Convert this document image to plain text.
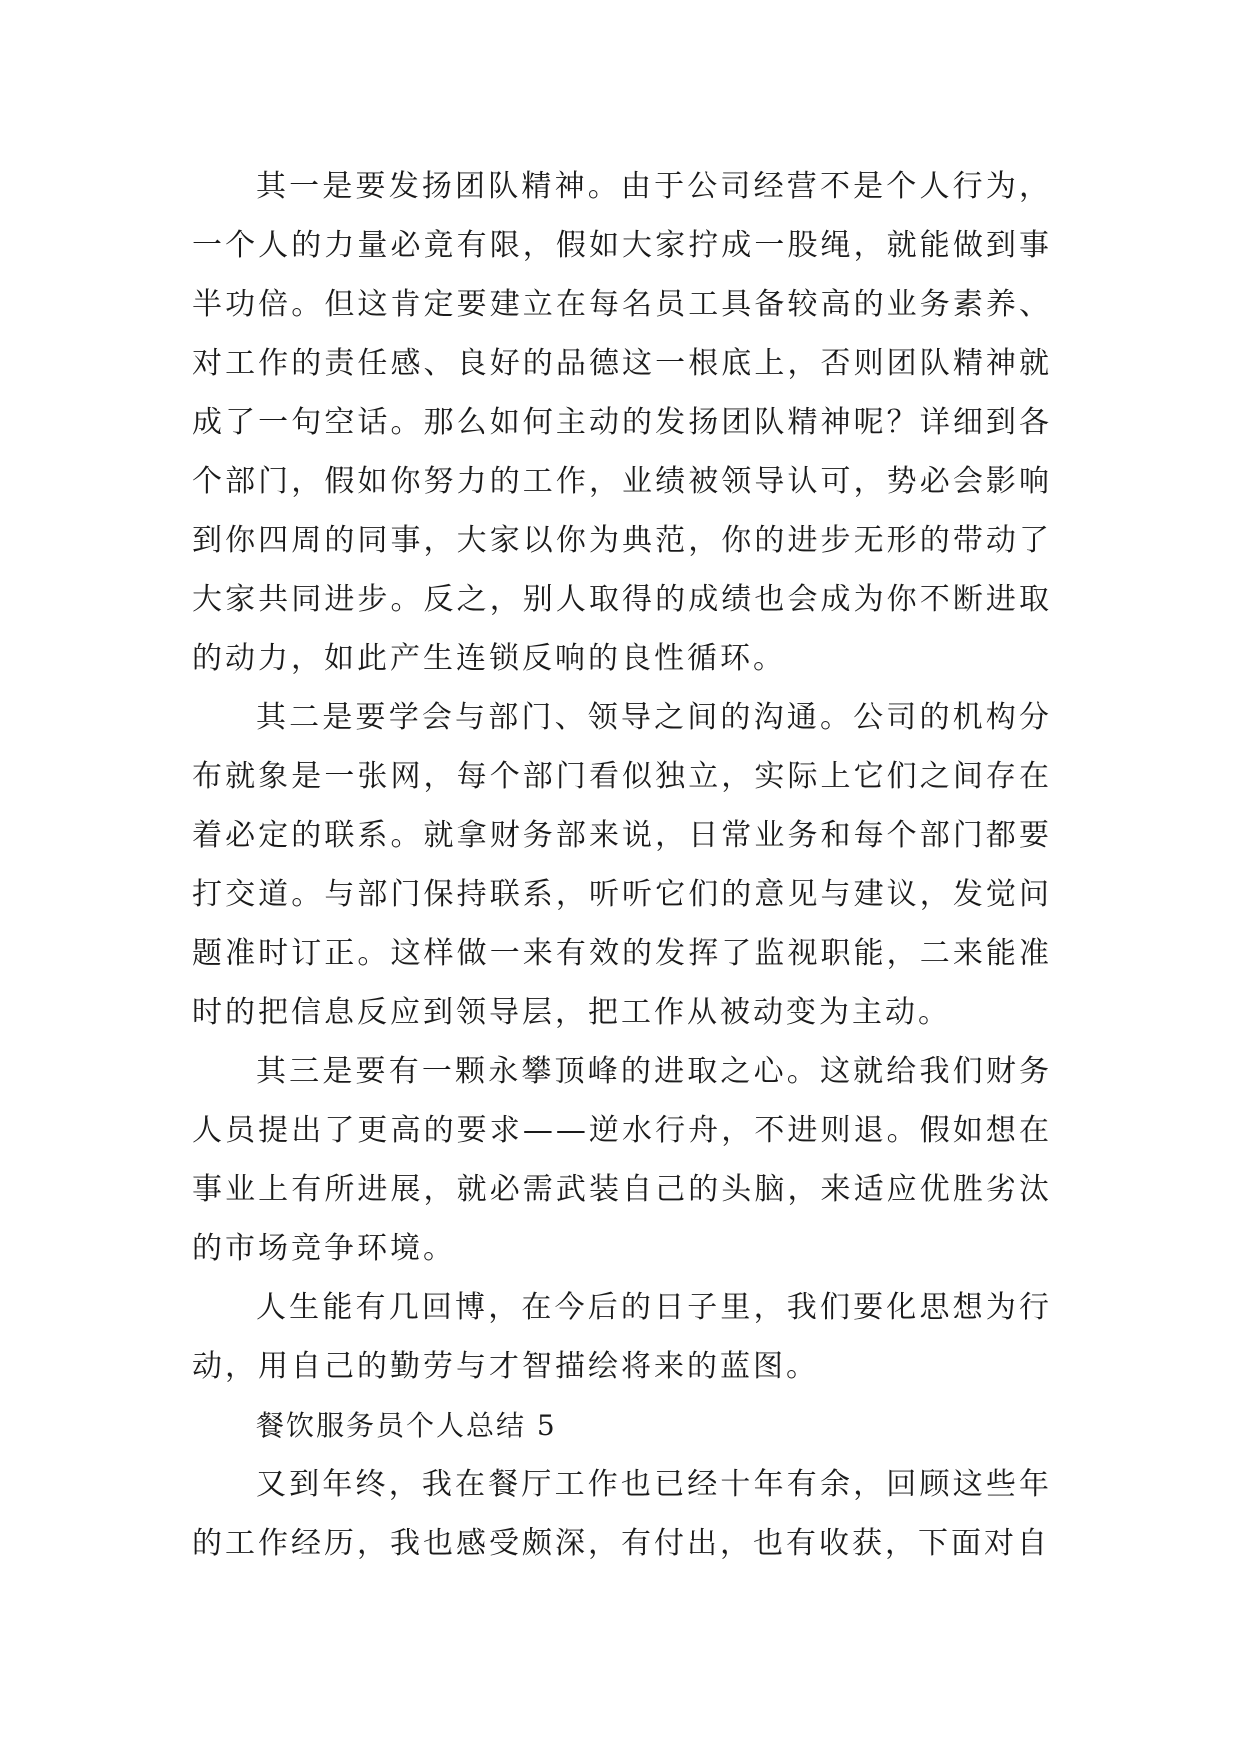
其一是要发扬团队精神。由于公司经营不是个人行为，一个人的力量必竟有限，假如大家拧成一股绳，就能做到事半功倍。但这肯定要建立在每名员工具备较高的业务素养、对工作的责任感、良好的品德这一根底上，否则团队精神就成了一句空话。那么如何主动的发扬团队精神呢？详细到各个部门，假如你努力的工作，业绩被领导认可，势必会影响到你四周的同事，大家以你为典范，你的进步无形的带动了大家共同进步。反之，别人取得的成绩也会成为你不断进取的动力，如此产生连锁反响的良性循环。

其二是要学会与部门、领导之间的沟通。公司的机构分布就象是一张网，每个部门看似独立，实际上它们之间存在着必定的联系。就拿财务部来说，日常业务和每个部门都要打交道。与部门保持联系，听听它们的意见与建议，发觉问题准时订正。这样做一来有效的发挥了监视职能，二来能准时的把信息反应到领导层，把工作从被动变为主动。

其三是要有一颗永攀顶峰的进取之心。这就给我们财务人员提出了更高的要求——逆水行舟，不进则退。假如想在事业上有所进展，就必需武装自己的头脑，来适应优胜劣汰的市场竞争环境。

人生能有几回博，在今后的日子里，我们要化思想为行动，用自己的勤劳与才智描绘将来的蓝图。

餐饮服务员个人总结 5

又到年终，我在餐厅工作也已经十年有余，回顾这些年的工作经历，我也感受颇深，有付出，也有收获，下面对自
